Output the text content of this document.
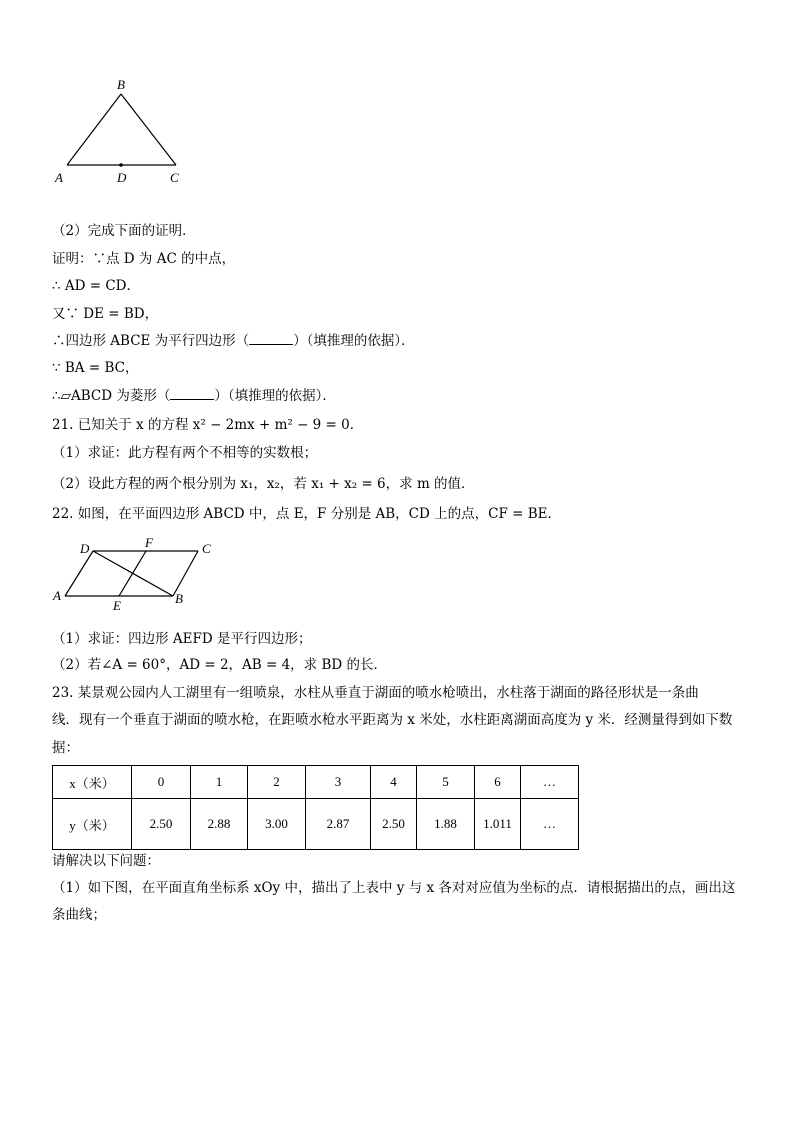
B
A	D	C
（2）完成下面的证明．
证明：∵点 D 为 AC 的中点，
∴ AD = CD．
又∵ DE = BD，
∴四边形 ABCE 为平行四边形（	）（填推理的依据）．
∵ BA = BC，
∴▱ABCD 为菱形（	）（填推理的依据）．
21. 已知关于 x 的方程 x² − 2mx + m² − 9 = 0．
（1）求证：此方程有两个不相等的实数根；
（2）设此方程的两个根分别为 x₁，x₂，若 x₁ + x₂ = 6，求 m 的值．
22. 如图，在平面四边形 ABCD 中，点 E，F 分别是 AB，CD 上的点，CF = BE．
D	F	C
A
E	B
（1）求证：四边形 AEFD 是平行四边形；
（2）若∠A = 60°，AD = 2，AB = 4，求 BD 的长．
23. 某景观公园内人工湖里有一组喷泉，水柱从垂直于湖面的喷水枪喷出，水柱落于湖面的路径形状是一条曲
线．现有一个垂直于湖面的喷水枪，在距喷水枪水平距离为 x 米处，水柱距离湖面高度为 y 米．经测量得到如下数
据：
x（米）	0	1	2	3	4	5	6	…
y（米）	2.50	2.88	3.00	2.87	2.50	1.88	1.011	…
请解决以下问题：
（1）如下图，在平面直角坐标系 xOy 中，描出了上表中 y 与 x 各对对应值为坐标的点．请根据描出的点，画出这
条曲线；
